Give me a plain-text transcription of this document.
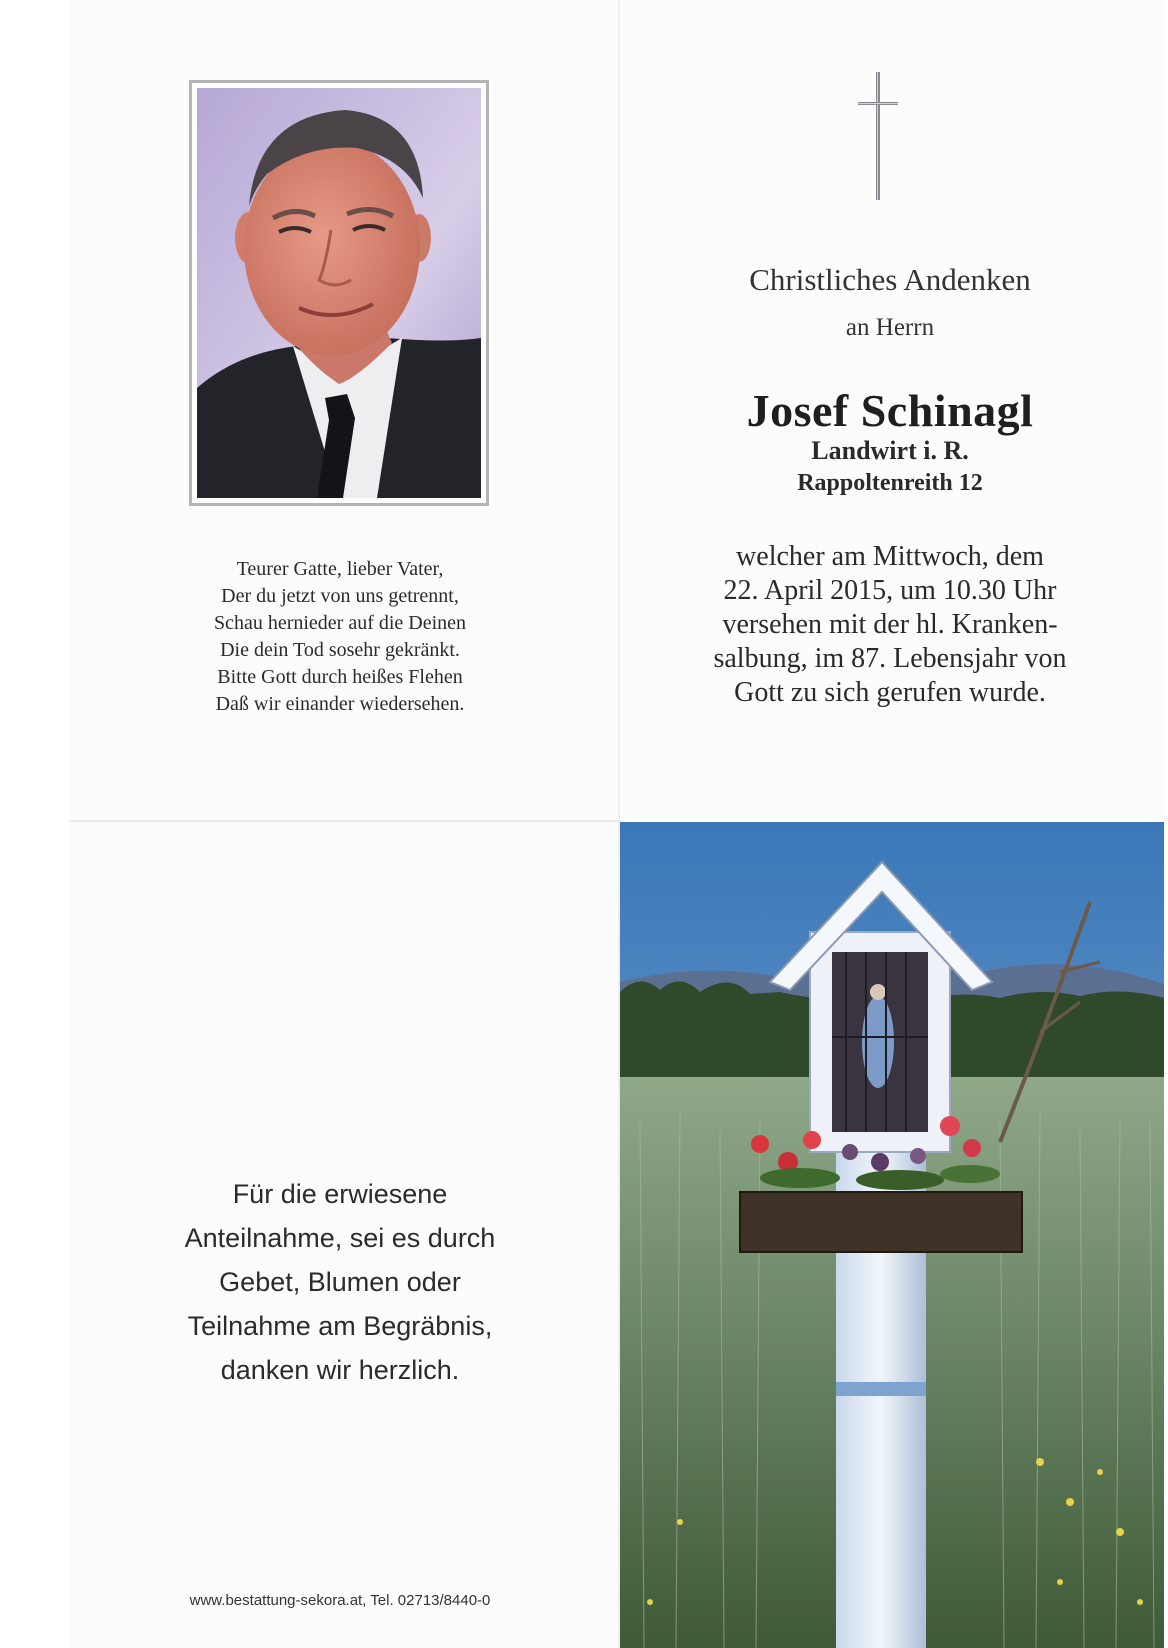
Teurer Gatte, lieber Vater,
Der du jetzt von uns getrennt,
Schau hernieder auf die Deinen
Die dein Tod sosehr gekränkt.
Bitte Gott durch heißes Flehen
Daß wir einander wiedersehen.
Christliches Andenken
an Herrn
Josef Schinagl
Landwirt i. R.
Rappoltenreith 12
welcher am Mittwoch, dem
22. April 2015, um 10.30 Uhr
versehen mit der hl. Kranken-
salbung, im 87. Lebensjahr von
Gott zu sich gerufen wurde.
Für die erwiesene
Anteilnahme, sei es durch
Gebet, Blumen oder
Teilnahme am Begräbnis,
danken wir herzlich.
www.bestattung-sekora.at, Tel. 02713/8440-0
